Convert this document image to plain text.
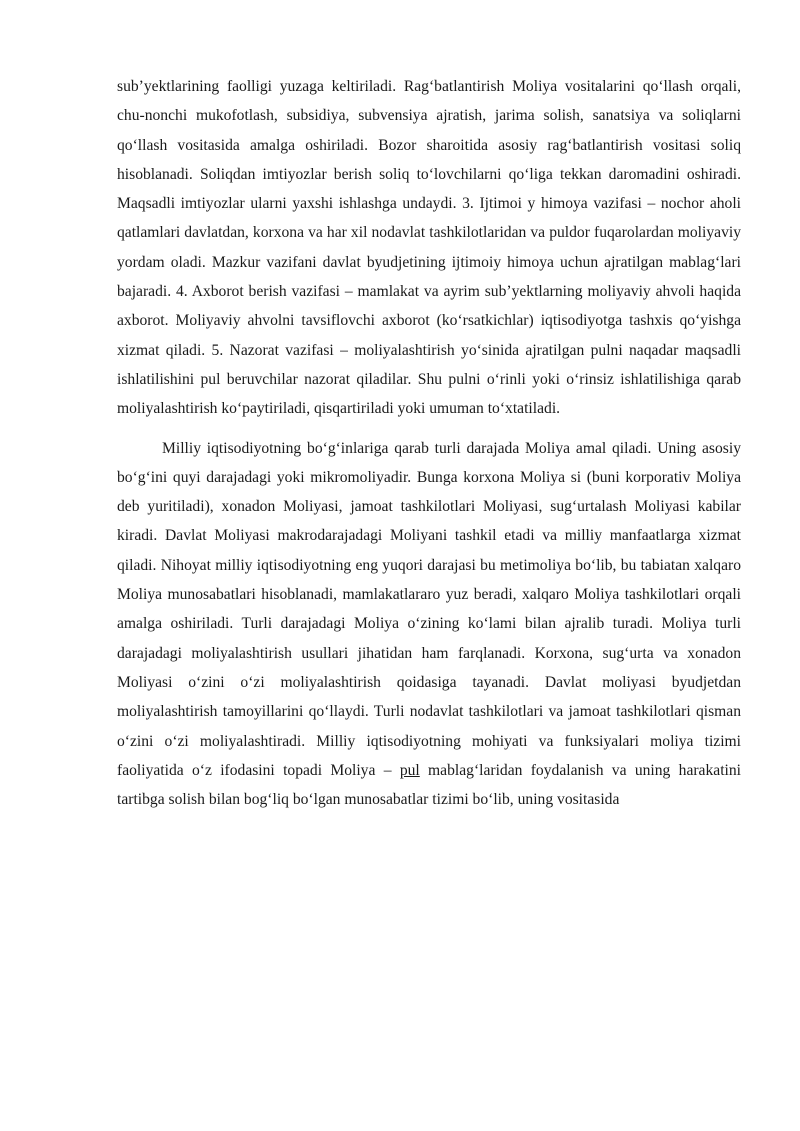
sub’yektlarining faolligi yuzaga keltiriladi. Rag‘batlantirish Moliya vositalarini qo‘llash orqali, chu-nonchi mukofotlash, subsidiya, subvensiya ajratish, jarima solish, sanatsiya va soliqlarni qo‘llash vositasida amalga oshiriladi. Bozor sharoitida asosiy rag‘batlantirish vositasi soliq hisoblanadi. Soliqdan imtiyozlar berish soliq to‘lovchilarni qo‘liga tekkan daromadini oshiradi. Maqsadli imtiyozlar ularni yaxshi ishlashga undaydi. 3. Ijtimoi y himoya vazifasi – nochor aholi qatlamlari davlatdan, korxona va har xil nodavlat tashkilotlaridan va puldor fuqarolardan moliyaviy yordam oladi. Mazkur vazifani davlat byudjetining ijtimoiy himoya uchun ajratilgan mablag‘lari bajaradi. 4. Axborot berish vazifasi – mamlakat va ayrim sub’yektlarning moliyaviy ahvoli haqida axborot. Moliyaviy ahvolni tavsiflovchi axborot (ko‘rsatkichlar) iqtisodiyotga tashxis qo‘yishga xizmat qiladi. 5. Nazorat vazifasi – moliyalashtirish yo‘sinida ajratilgan pulni naqadar maqsadli ishlatilishini pul beruvchilar nazorat qiladilar. Shu pulni o‘rinli yoki o‘rinsiz ishlatilishiga qarab moliyalashtirish ko‘paytiriladi, qisqartiriladi yoki umuman to‘xtatiladi.

Milliy iqtisodiyotning bo‘g‘inlariga qarab turli darajada Moliya amal qiladi. Uning asosiy bo‘g‘ini quyi darajadagi yoki mikromoliyadir. Bunga korxona Moliya si (buni korporativ Moliya deb yuritiladi), xonadon Moliyasi, jamoat tashkilotlari Moliyasi, sug‘urtalash Moliyasi kabilar kiradi. Davlat Moliyasi makrodarajadagi Moliyani tashkil etadi va milliy manfaatlarga xizmat qiladi. Nihoyat milliy iqtisodiyotning eng yuqori darajasi bu metimoliya bo‘lib, bu tabiatan xalqaro Moliya munosabatlari hisoblanadi, mamlakatlararo yuz beradi, xalqaro Moliya tashkilotlari orqali amalga oshiriladi. Turli darajadagi Moliya o‘zining ko‘lami bilan ajralib turadi. Moliya turli darajadagi moliyalashtirish usullari jihatidan ham farqlanadi. Korxona, sug‘urta va xonadon Moliyasi o‘zini o‘zi moliyalashtirish qoidasiga tayanadi. Davlat moliyasi byudjetdan moliyalashtirish tamoyillarini qo‘llaydi. Turli nodavlat tashkilotlari va jamoat tashkilotlari qisman o‘zini o‘zi moliyalashtiradi. Milliy iqtisodiyotning mohiyati va funksiyalari moliya tizimi faoliyatida o‘z ifodasini topadi Moliya – pul mablag‘laridan foydalanish va uning harakatini tartibga solish bilan bog‘liq bo‘lgan munosabatlar tizimi bo‘lib, uning vositasida
